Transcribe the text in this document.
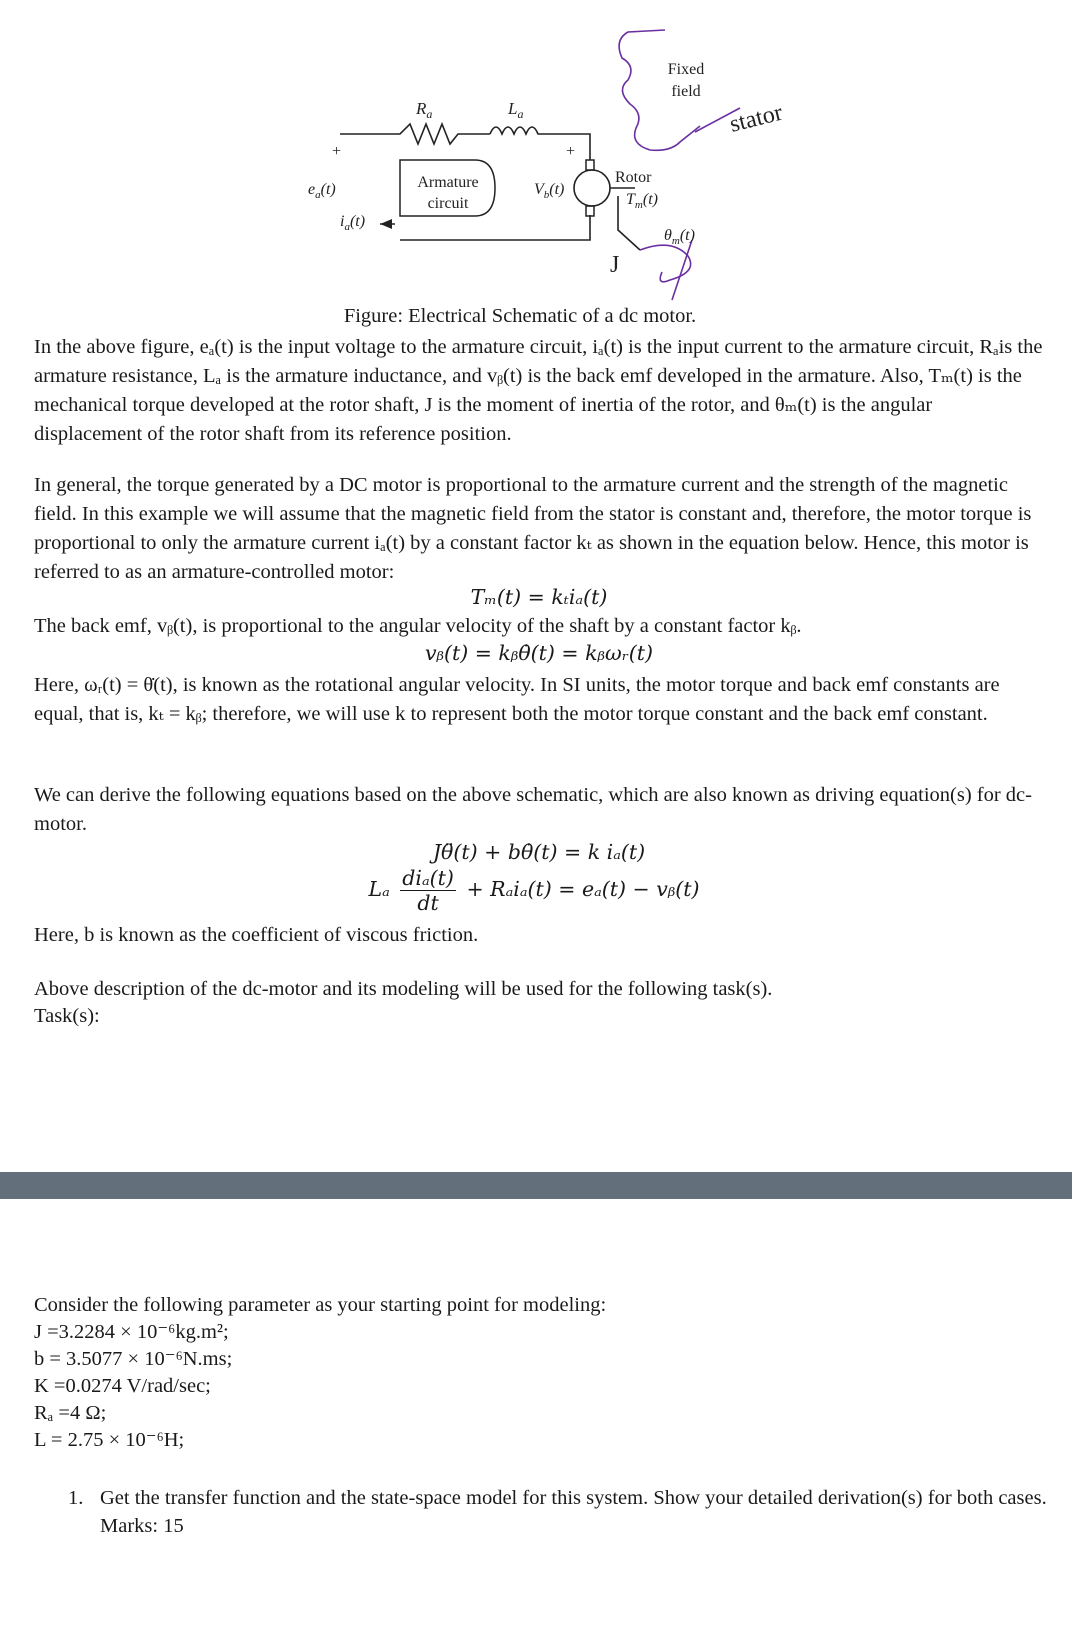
+	+
$R_a$	$L_a$
$e_a(t)$
$i_a(t)$
Armature
circuit
$V_b(t)$
Rotor
$T_m(t)$
Fixed
field
$\theta_m(t)$
stator
J
Figure: Electrical Schematic of a dc motor.

In the above figure, eₐ(t) is the input voltage to the armature circuit, iₐ(t) is the input current to the armature circuit, Rₐis the armature resistance, Lₐ is the armature inductance, and vᵦ(t) is the back emf developed in the armature. Also, Tₘ(t) is the mechanical torque developed at the rotor shaft, J is the moment of inertia of the rotor, and θₘ(t) is the angular displacement of the rotor shaft from its reference position.

In general, the torque generated by a DC motor is proportional to the armature current and the strength of the magnetic field. In this example we will assume that the magnetic field from the stator is constant and, therefore, the motor torque is proportional to only the armature current iₐ(t) by a constant factor kₜ as shown in the equation below. Hence, this motor is referred to as an armature-controlled motor:

Tₘ(t) = kₜiₐ(t)

The back emf, vᵦ(t), is proportional to the angular velocity of the shaft by a constant factor kᵦ.

vᵦ(t) = kᵦθ̇(t) = kᵦωᵣ(t)

Here, ωᵣ(t) = θ̇(t), is known as the rotational angular velocity. In SI units, the motor torque and back emf constants are equal, that is, kₜ = kᵦ; therefore, we will use k to represent both the motor torque constant and the back emf constant.

We can derive the following equations based on the above schematic, which are also known as driving equation(s) for dc-motor.

Jθ̈(t) + bθ̇(t) = k iₐ(t)
Lₐ $\frac{\text{diₐ(t)}}{dt} + R_ai_a(t) = e_a(t)$ − vᵦ(t)

Here, b is known as the coefficient of viscous friction.

Above description of the dc-motor and its modeling will be used for the following task(s).

Task(s):

Consider the following parameter as your starting point for modeling:
J =3.2284 × 10⁻⁶kg.m²;
b = 3.5077 × 10⁻⁶N.ms;
K =0.0274 V/rad/sec;
Rₐ =4 Ω;
L = 2.75 × 10⁻⁶H;
1. Get the transfer function and the state-space model for this system. Show your detailed derivation(s) for both cases. Marks: 15
